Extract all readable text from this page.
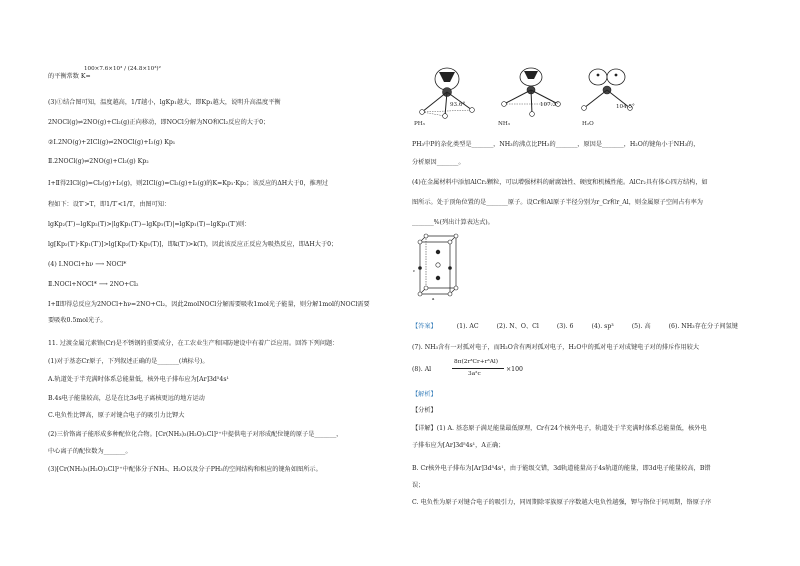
的平衡常数 K=
100×7.6×10³ / (24.8×10³)²
(3)①结合图可知，温度越高，1/T越小，lgKp₁越大，即Kp₁越大，说明升高温度平衡
2NOCl(g)⇌2NO(g)+Cl₂(g)正向移动，即NOCl分解为NO和Cl₂反应的大于0；
②Ⅰ.2NO(g)+2ICl(g)⇌2NOCl(g)+I₂(g) Kp₁
Ⅱ.2NOCl(g)⇌2NO(g)+Cl₂(g) Kp₂
Ⅰ+Ⅱ得2ICl(g)=Cl₂(g)+I₂(g)，则2ICl(g)=Cl₂(g)+I₂(g)的K=Kp₁·Kp₂；该反应的ΔH大于0，推理过
程如下：设T′>T，即1/T′<1/T，由图可知：
lgKp₂(T′)−lgKp₂(T)>|lgKp₁(T′)−lgKp₁(T)|=lgKp₁(T)−lgKp₁(T′)则：
lg[Kp₂(T′)·Kp₁(T′)]>lg[Kp₂(T)·Kp₁(T)]，即k(T′)>k(T)，因此该反应正反应为吸热反应，即ΔH大于0；
(4) Ⅰ.NOCl+hν ⟶ NOCl*
Ⅱ.NOCl+NOCl* ⟶ 2NO+Cl₂
Ⅰ+Ⅱ即得总反应为2NOCl+hν=2NO+Cl₂，因此2molNOCl分解需要吸收1mol光子能量，则分解1mol的NOCl需要
要吸收0.5mol光子。
11. 过渡金属元素铬(Cr)是不锈钢的重要成分，在工农业生产和国防建设中有着广泛应用。回答下列问题：
(1)对于基态Cr原子，下列叙述正确的是_______(填标号)。
A.轨道处于半充满时体系总能量低，核外电子排布应为[Ar]3d⁵4s¹
B.4s电子能量较高，总是在比3s电子离核更远的地方运动
C.电负性比钾高，原子对键合电子的吸引力比钾大
(2)三价铬离子能形成多种配位化合物。[Cr(NH₃)₃(H₂O)₂Cl]²⁺中提供电子对形成配位键的原子是_______，
中心离子的配位数为_______。
(3)[Cr(NH₃)₃(H₂O)₂Cl]²⁺中配体分子NH₃、H₂O以及分子PH₃的空间结构和相应的键角如图所示。
93.6°
PH₃
107.3°
NH₃
104.5°
H₂O
PH₃中P的杂化类型是_______，NH₃的沸点比PH₃的_______，原因是_______，H₂O的键角小于NH₃的，
分析原因_______。
(4)在金属材料中添加AlCr₂颗粒，可以增强材料的耐腐蚀性、硬度和机械性能。AlCr₂具有体心四方结构，如
图所示。处于顶角位置的是_______原子。设Cr和Al原子半径分别为r_Cr和r_Al，则金属原子空间占有率为
_______%(列出计算表达式)。
c
a
【答案】	(1). AC	(2). N、O、Cl	(3). 6	(4). sp³	(5). 高	(6). NH₃存在分子间氢键
(7). NH₃含有一对孤对电子，而H₂O含有两对孤对电子，H₂O中的孤对电子对成键电子对的排斥作用较大
(8). Al
8π(2r³Cr+r³Al)
3a²c
×100
【解析】
【分析】
【详解】(1) A. 基态原子满足能量最低原理，Cr有24个核外电子，轨道处于半充满时体系总能量低，核外电
子排布应为[Ar]3d⁵4s¹，A正确；
B. Cr核外电子排布为[Ar]3d⁵4s¹，由于能级交错，3d轨道能量高于4s轨道的能量，即3d电子能量较高，B错
误；
C. 电负性为原子对键合电子的吸引力，同周期除零族原子序数越大电负性越强，钾与铬位于同周期，铬原子序
